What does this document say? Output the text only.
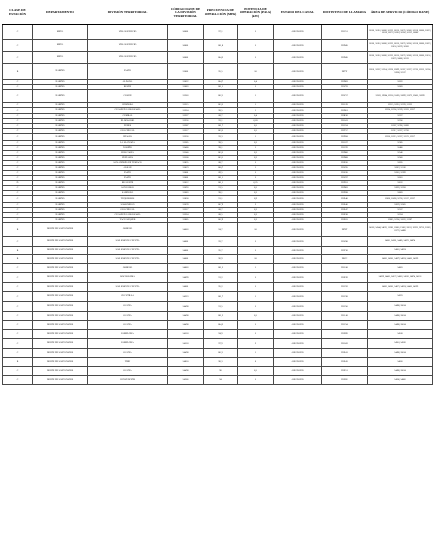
CLASE DE ESTACIÓN	DEPARTAMENTO	DIVISIÓN TERRITORIAL	CÓDIGO DANE DE LA DIVISIÓN TERRITORIAL	FRECUENCIA DE OPERA-CIÓN (MHz)	POTENCIA DE OPERACIÓN (P.R.A) (kW)	ESTADO DEL CANAL	DISTINTIVO DE LLAMADA	ÁREA DE SERVICIO (CÓDIGO DANE)
C	META	VILLAVICENCIO	50001	97,1	5	ASIGNADO	HJC51	50001, 50110, 50006, 50223, 50150, 50270, 50300, 50318, 50006, 50223, 50150, 50270, 50318, 50350, 50251, 50680
C	META	VILLAVICENCIO	50001	101,8	5	ASIGNADO	HJD45	50001, 50110, 50006, 50223, 50150, 50270, 50350, 50318, 50006, 50223, 50150, 50270, 50300
C	META	VILLAVICENCIO	50001	104,3	5	ASIGNADO	HJD45	50001, 50110, 50006, 50223, 50150, 50270, 50300, 50318, 50006, 50150, 50270, 50680, 50313
B	NARIÑO	PASTO	52001	95,5	10	ASIGNADO	HJTY	52001, 52207, 52254, 52320, 52699, 52207, 52227, 52720, 52352, 52356, 52838, 52317
C	NARIÑO	ALDANA	52022	104,7	0,4	ASIGNADO	HJD03	52022
C	NARIÑO	BELÉN	52083	101,1	5	ASIGNADO	HJV93	52083
C	NARIÑO	COLÓN	52203	102,1	1	ASIGNADO	HJV57	52203, 59364, 52256, 52435, 52699, 52073, 52405, 52699
C	NARIÑO	CÓRDOBA	52215	103,5	1	ASIGNADO	HJA70	52215, 52210, 52378, 52323
C	NARIÑO	CUASPUD CARLOSAMA	52224	98,5	1	ASIGNADO	HJD61	52224, 52356, 52378, 52323, 52317
C	NARIÑO	CUMBAL	52227	88,7	0,4	ASIGNADO	HJK36	52227
C	NARIÑO	EL ROSARIO	52256	93,1	0,03	ASIGNADO	HJA63	52256
C	NARIÑO	FUNES	52287	101,7	0,5	ASIGNADO	HJC24	52287, 52760, 52683
C	NARIÑO	GUACHUCAL	52317	103,5	0,5	ASIGNADO	HJT57	52317, 52227, 52720
C	NARIÑO	IPIALES	52356	93,3	1	ASIGNADO	HJD58	52356, 52215, 52227, 52573, 52317
C	NARIÑO	LA LLANADA	52385	98,5	0,3	ASIGNADO	HJA97	52385
C	NARIÑO	NARIÑO	52480	98,1	1	ASIGNADO	HJC29	52480
C	NARIÑO	POLICARPA	52540	103,5	0,3	ASIGNADO	HJD06	52540
C	NARIÑO	PUPIALES	52560	103,1	0,3	ASIGNADO	HJD08	52560
C	NARIÑO	SAN ANDRÉS DE TUMACO	52835	88,7	5	ASIGNADO	HJE20	52835
C	NARIÑO	ALBÁN	52019	100,7	1	ASIGNADO	HJV85	52019, 52110
C	NARIÑO	PASTO	52001	89,5	5	ASIGNADO	HJS38	52001, 52399
C	NARIÑO	PASTO	52001	101,1	5	ASIGNADO	HJV87	52001
D	NARIÑO	RICAURTE	52612	101,1	0,25	ASIGNADO	HJD31	52612
C	NARIÑO	SAN PABLO	52693	91,5	0,5	ASIGNADO	HJD03	52693, 52258
C	NARIÑO	SANDONÁ	52683	98,1	0,3	ASIGNADO	HJD38	52683
C	NARIÑO	TÚQUERRES	52838	91,1	0,9	ASIGNADO	HJZ40	52838, 52490, 52720, 52317, 52227
C	NARIÑO	SAMANIEGO	52678	107,9	2	ASIGNADO	HJE46	52678, 52565
C	NARIÑO	GUACHUCAL	52317	88,7	0,3	ASIGNADO	HJE47	52317
C	NARIÑO	CUASPUD CARLOSAMA	52224	88,5	0,3	ASIGNADO	HJE38	52224
C	NARIÑO	YACUANQUER	52885	102,9	0,3	ASIGNADO	HJE63	52885, 52356, 52022, 52287
B	NORTE DE SANTAN-DER	ÁBREGO	54003	94,7	10	ASIGNADO	HJXT	54003, 54344, 54670, 15385, 15660, 15062, 20011, 20295, 20710, 20383, 20770, 54498
C	NORTE DE SANTAN-DER	SAN JOSÉ DE CÚCUTA	54001	93,7	5	ASIGNADO	HJV80	54001, 54261, 54405, 54673, 54874
B	NORTE DE SANTAN-DER	SAN JOSÉ DE CÚCUTA	54001	95,7	5	ASIGNADO	HJY36	54001, 54874
B	NORTE DE SANTAN-DER	SAN JOSÉ DE CÚCUTA	54001	96,9	10	ASIGNADO	HJZC	54001, 54261, 54879, 54874, 54405, 54599
C	NORTE DE SANTAN-DER	ÁBREGO	54003	101,3	1	ASIGNADO	HJA30	54003
C	NORTE DE SANTAN-DER	BOCHALEMA	54099	91,2	5	ASIGNADO	HJE39	54099, 54405, 54172, 54001, 54520, 54874, 54553
C	NORTE DE SANTAN-DER	SAN JOSÉ DE CÚCUTA	54001	95,2	5	ASIGNADO	HJC59	54001, 54261, 54673, 54874, 54405, 54599
C	NORTE DE SANTAN-DER	CUCUTILLA	54223	101,7	1	ASIGNADO	HJC38	54223
C	NORTE DE SANTAN-DER	OCAÑA	54498	91,5	5	ASIGNADO	HJC50	54498, 20614
C	NORTE DE SANTAN-DER	OCAÑA	54498	101,2	0,5	ASIGNADO	HJA10	54498, 20614
C	NORTE DE SANTAN-DER	OCAÑA	54498	104,3	5	ASIGNADO	HJC34	54498, 20614
C	NORTE DE SANTAN-DER	PAMPLONA	54518	94,9	5	ASIGNADO	HJP89	54518
C	NORTE DE SANTAN-DER	PAMPLONA	54518	97,9	2	ASIGNADO	HJA82	54518, 54520
C	NORTE DE SANTAN-DER	OCAÑA	54498	102,1	1	ASIGNADO	HJE41	54498, 20614
B	NORTE DE SANTAN-DER	TIBÚ	54810	90,3	6	ASIGNADO	HJE43	54810
C	NORTE DE SANTAN-DER	OCAÑA	54498	96	0,5	ASIGNADO	HJE51	54498, 20614
C	NORTE DE SANTAN-DER	CONVENCIÓN	54206	94	5	ASIGNADO	HJP82	54206, 54800
